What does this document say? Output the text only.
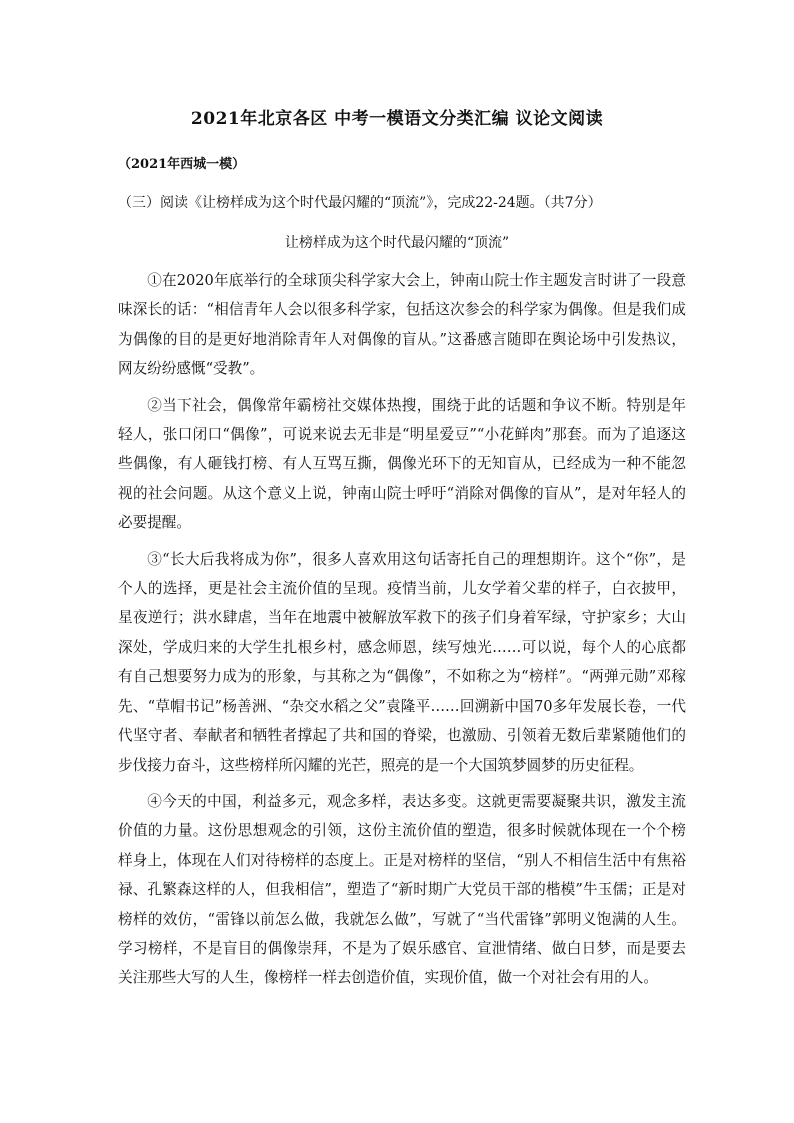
2021年北京各区 中考一模语文分类汇编 议论文阅读
（2021年西城一模）
（三）阅读《让榜样成为这个时代最闪耀的“顶流”》，完成22-24题。（共7分）
让榜样成为这个时代最闪耀的“顶流”

①在2020年底举行的全球顶尖科学家大会上，钟南山院士作主题发言时讲了一段意味深长的话：“相信青年人会以很多科学家，包括这次参会的科学家为偶像。但是我们成为偶像的目的是更好地消除青年人对偶像的盲从。”这番感言随即在舆论场中引发热议，网友纷纷感慨“受教”。

②当下社会，偶像常年霸榜社交媒体热搜，围绕于此的话题和争议不断。特别是年轻人，张口闭口“偶像”，可说来说去无非是“明星爱豆”“小花鲜肉”那套。而为了追逐这些偶像，有人砸钱打榜、有人互骂互撕，偶像光环下的无知盲从，已经成为一种不能忽视的社会问题。从这个意义上说，钟南山院士呼吁“消除对偶像的盲从”，是对年轻人的必要提醒。

③“长大后我将成为你”，很多人喜欢用这句话寄托自己的理想期许。这个“你”，是个人的选择，更是社会主流价值的呈现。疫情当前，儿女学着父辈的样子，白衣披甲，星夜逆行；洪水肆虐，当年在地震中被解放军救下的孩子们身着军绿，守护家乡；大山深处，学成归来的大学生扎根乡村，感念师恩，续写烛光……可以说，每个人的心底都有自己想要努力成为的形象，与其称之为“偶像”，不如称之为“榜样”。“两弹元勋”邓稼先、“草帽书记”杨善洲、“杂交水稻之父”袁隆平……回溯新中国70多年发展长卷，一代代坚守者、奉献者和牺牲者撑起了共和国的脊梁，也激励、引领着无数后辈紧随他们的步伐接力奋斗，这些榜样所闪耀的光芒，照亮的是一个大国筑梦圆梦的历史征程。

④今天的中国，利益多元，观念多样，表达多变。这就更需要凝聚共识，激发主流价值的力量。这份思想观念的引领，这份主流价值的塑造，很多时候就体现在一个个榜样身上，体现在人们对待榜样的态度上。正是对榜样的坚信，“别人不相信生活中有焦裕禄、孔繁森这样的人，但我相信”，塑造了“新时期广大党员干部的楷模”牛玉儒；正是对榜样的效仿，“雷锋以前怎么做，我就怎么做”，写就了“当代雷锋”郭明义饱满的人生。学习榜样，不是盲目的偶像崇拜，不是为了娱乐感官、宣泄情绪、做白日梦，而是要去关注那些大写的人生，像榜样一样去创造价值，实现价值，做一个对社会有用的人。
